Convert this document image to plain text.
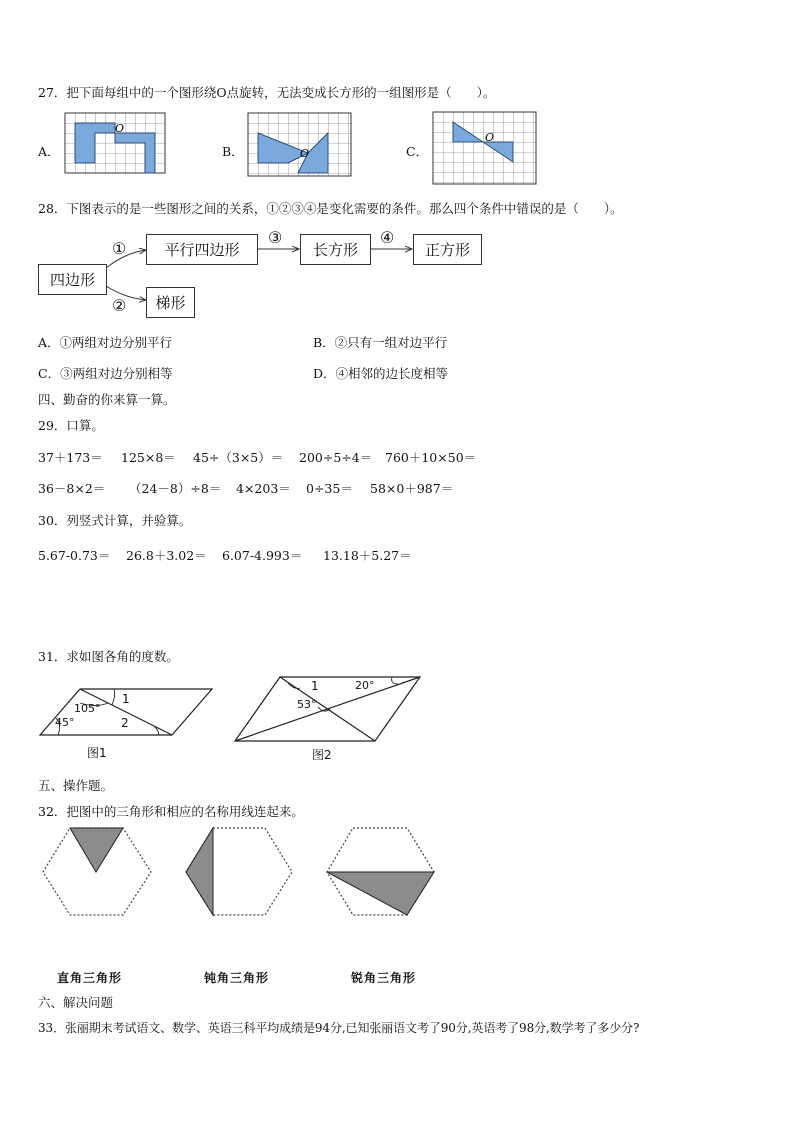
27．把下面每组中的一个图形绕O点旋转，无法变成长方形的一组图形是（　　）。
A．
O
B．	O	C．
O
28．下图表示的是一些图形之间的关系，①②③④是变化需要的条件。那么四个条件中错误的是（　　）。
四边形
平行四边形	长方形	正方形
梯形
①
②
③	④
A．①两组对边分别平行	B．②只有一组对边平行
C．③两组对边分别相等	D．④相邻的边长度相等
四、勤奋的你来算一算。
29．口算。
37＋173＝ 125×8＝ 45÷（3×5）＝ 200÷5÷4＝ 760＋10×50＝
36－8×2＝ （24－8）÷8＝ 4×203＝ 0÷35＝ 58×0＋987＝
30．列竖式计算，并验算。
5.67-0.73＝ 26.8＋3.02＝ 6.07-4.993＝ 13.18＋5.27＝
31．求如图各角的度数。
105°
45°
1
2
图1
1	20°
53°
图2
五、操作题。
32．把图中的三角形和相应的名称用线连起来。
直角三角形	钝角三角形	锐角三角形
六、解决问题
33．张丽期末考试语文、数学、英语三科平均成绩是94分,已知张丽语文考了90分,英语考了98分,数学考了多少分?
